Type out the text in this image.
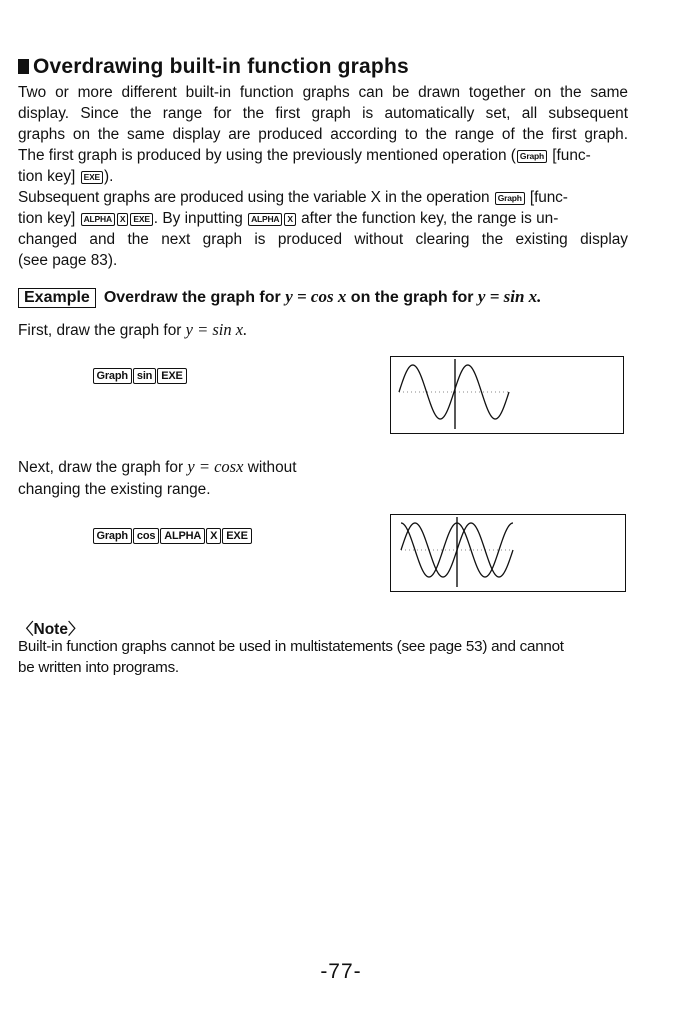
Overdrawing built-in function graphs
Two or more different built-in function graphs can be drawn together on the same
display. Since the range for the first graph is automatically set, all subsequent
graphs on the same display are produced according to the range of the first graph.
The first graph is produced by using the previously mentioned operation ( Graph [func-
tion key] EXE ).
Subsequent graphs are produced using the variable X in the operation Graph [func-
tion key] ALPHA X EXE . By inputting ALPHA X after the function key, the range is un-
changed and the next graph is produced without clearing the existing display
(see page 83).
Example Overdraw the graph for y = cos x on the graph for y = sin x.
First, draw the graph for y = sin x.
Graph sin EXE
Next, draw the graph for y = cosx without
changing the existing range.
Graph cos ALPHA X EXE
〈Note〉
Built-in function graphs cannot be used in multistatements (see page 53) and cannot
be written into programs.
-77-
